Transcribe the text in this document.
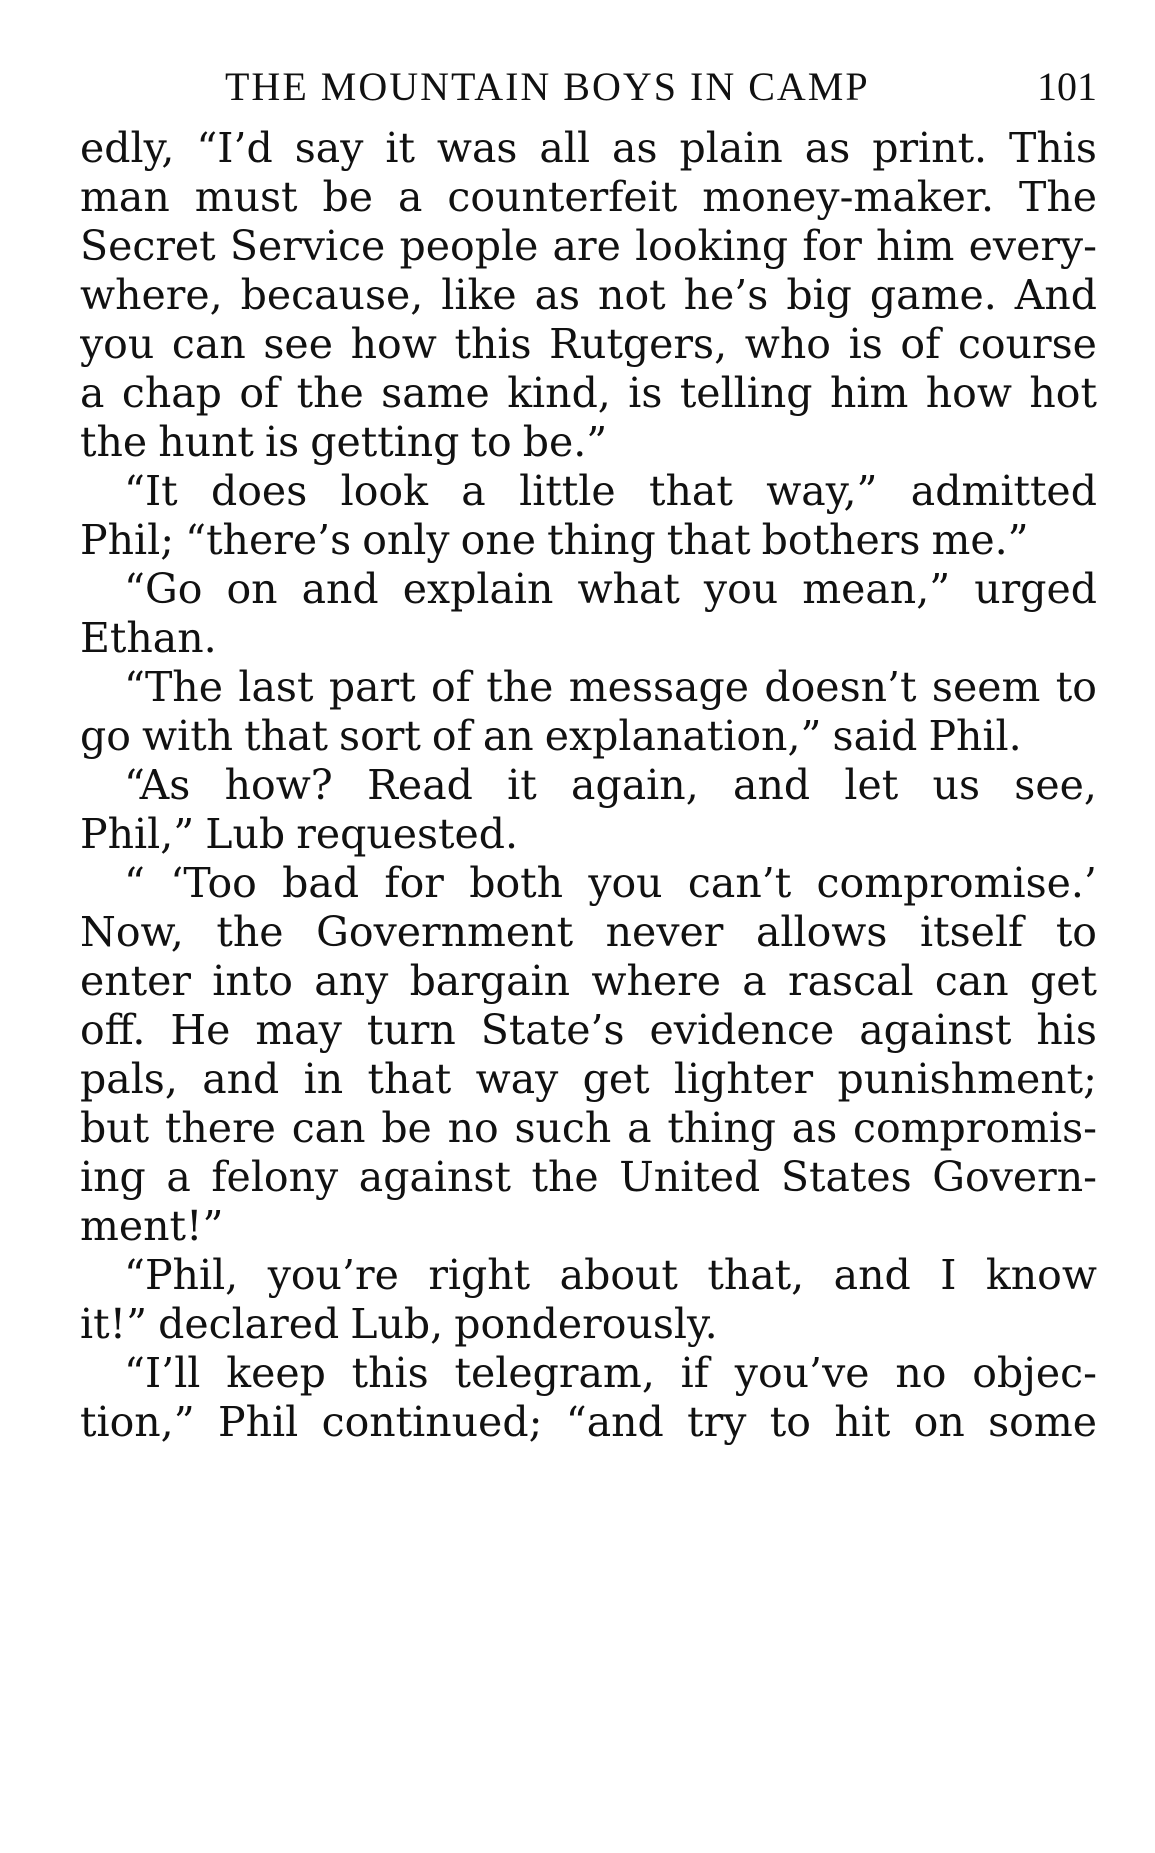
THE MOUNTAIN BOYS IN CAMP	101
edly, “I’d say it was all as plain as print. This
man must be a counterfeit money-maker. The
Secret Service people are looking for him every-
where, because, like as not he’s big game. And
you can see how this Rutgers, who is of course
a chap of the same kind, is telling him how hot
the hunt is getting to be.”
“It does look a little that way,” admitted
Phil; “there’s only one thing that bothers me.”
“Go on and explain what you mean,” urged
Ethan.
“The last part of the message doesn’t seem to
go with that sort of an explanation,” said Phil.
“As how? Read it again, and let us see,
Phil,” Lub requested.
“ ‘Too bad for both you can’t compromise.’
Now, the Government never allows itself to
enter into any bargain where a rascal can get
off. He may turn State’s evidence against his
pals, and in that way get lighter punishment;
but there can be no such a thing as compromis-
ing a felony against the United States Govern-
ment!”
“Phil, you’re right about that, and I know
it!” declared Lub, ponderously.
“I’ll keep this telegram, if you’ve no objec-
tion,” Phil continued; “and try to hit on some
